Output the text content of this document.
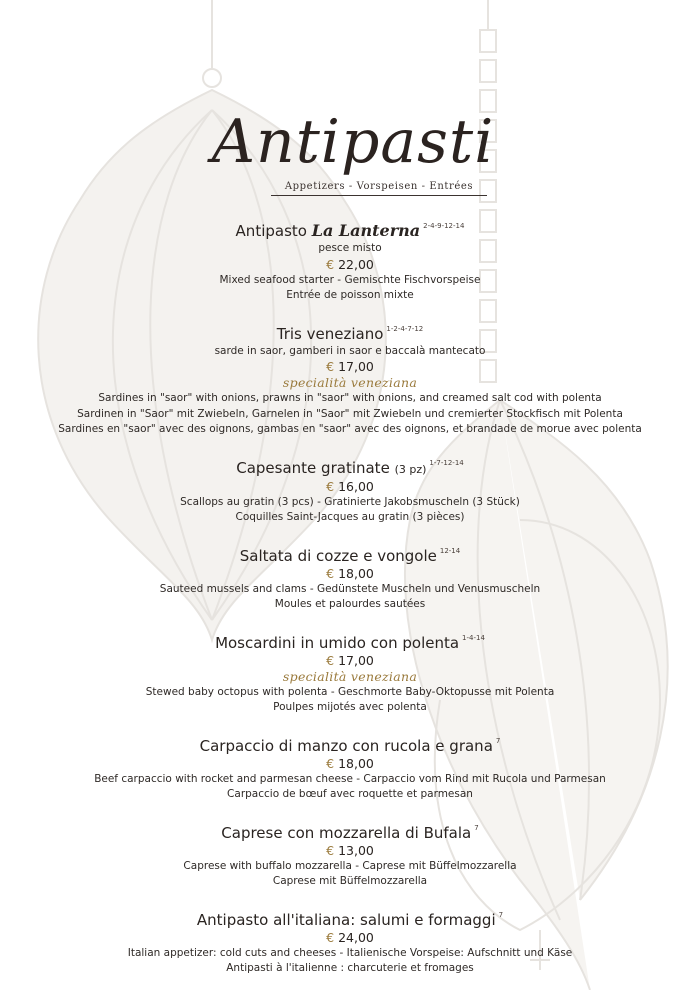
Antipasti
Appetizers - Vorspeisen - Entrées
Antipasto La Lanterna $^{2-4-9-12-14}$
pesce misto
€ 22,00
Mixed seafood starter - Gemischte Fischvorspeise
Entrée de poisson mixte
Tris veneziano $^{1-2-4-7-12}$
sarde in saor, gamberi in saor e baccalà mantecato
€ 17,00
specialità veneziana
Sardines in "saor" with onions, prawns in "saor" with onions, and creamed salt cod with polenta
Sardinen in "Saor" mit Zwiebeln, Garnelen in "Saor" mit Zwiebeln und cremierter Stockfisch mit Polenta
Sardines en "saor" avec des oignons, gambas en "saor" avec des oignons, et brandade de morue avec polenta
Capesante gratinate (3 pz) $^{1-7-12-14}$
€ 16,00
Scallops au gratin (3 pcs) - Gratinierte Jakobsmuscheln (3 Stück)
Coquilles Saint-Jacques au gratin (3 pièces)
Saltata di cozze e vongole $^{12-14}$
€ 18,00
Sauteed mussels and clams - Gedünstete Muscheln und Venusmuscheln
Moules et palourdes sautées
Moscardini in umido con polenta $^{1-4-14}$
€ 17,00
specialità veneziana
Stewed baby octopus with polenta - Geschmorte Baby-Oktopusse mit Polenta
Poulpes mijotés avec polenta
Carpaccio di manzo con rucola e grana $^7$
€ 18,00
Beef carpaccio with rocket and parmesan cheese - Carpaccio vom Rind mit Rucola und Parmesan
Carpaccio de bœuf avec roquette et parmesan
Caprese con mozzarella di Bufala $^7$
€ 13,00
Caprese with buffalo mozzarella - Caprese mit Büffelmozzarella
Caprese mit Büffelmozzarella
Antipasto all'italiana: salumi e formaggi $^7$
€ 24,00
Italian appetizer: cold cuts and cheeses - Italienische Vorspeise: Aufschnitt und Käse
Antipasti à l'italienne : charcuterie et fromages
